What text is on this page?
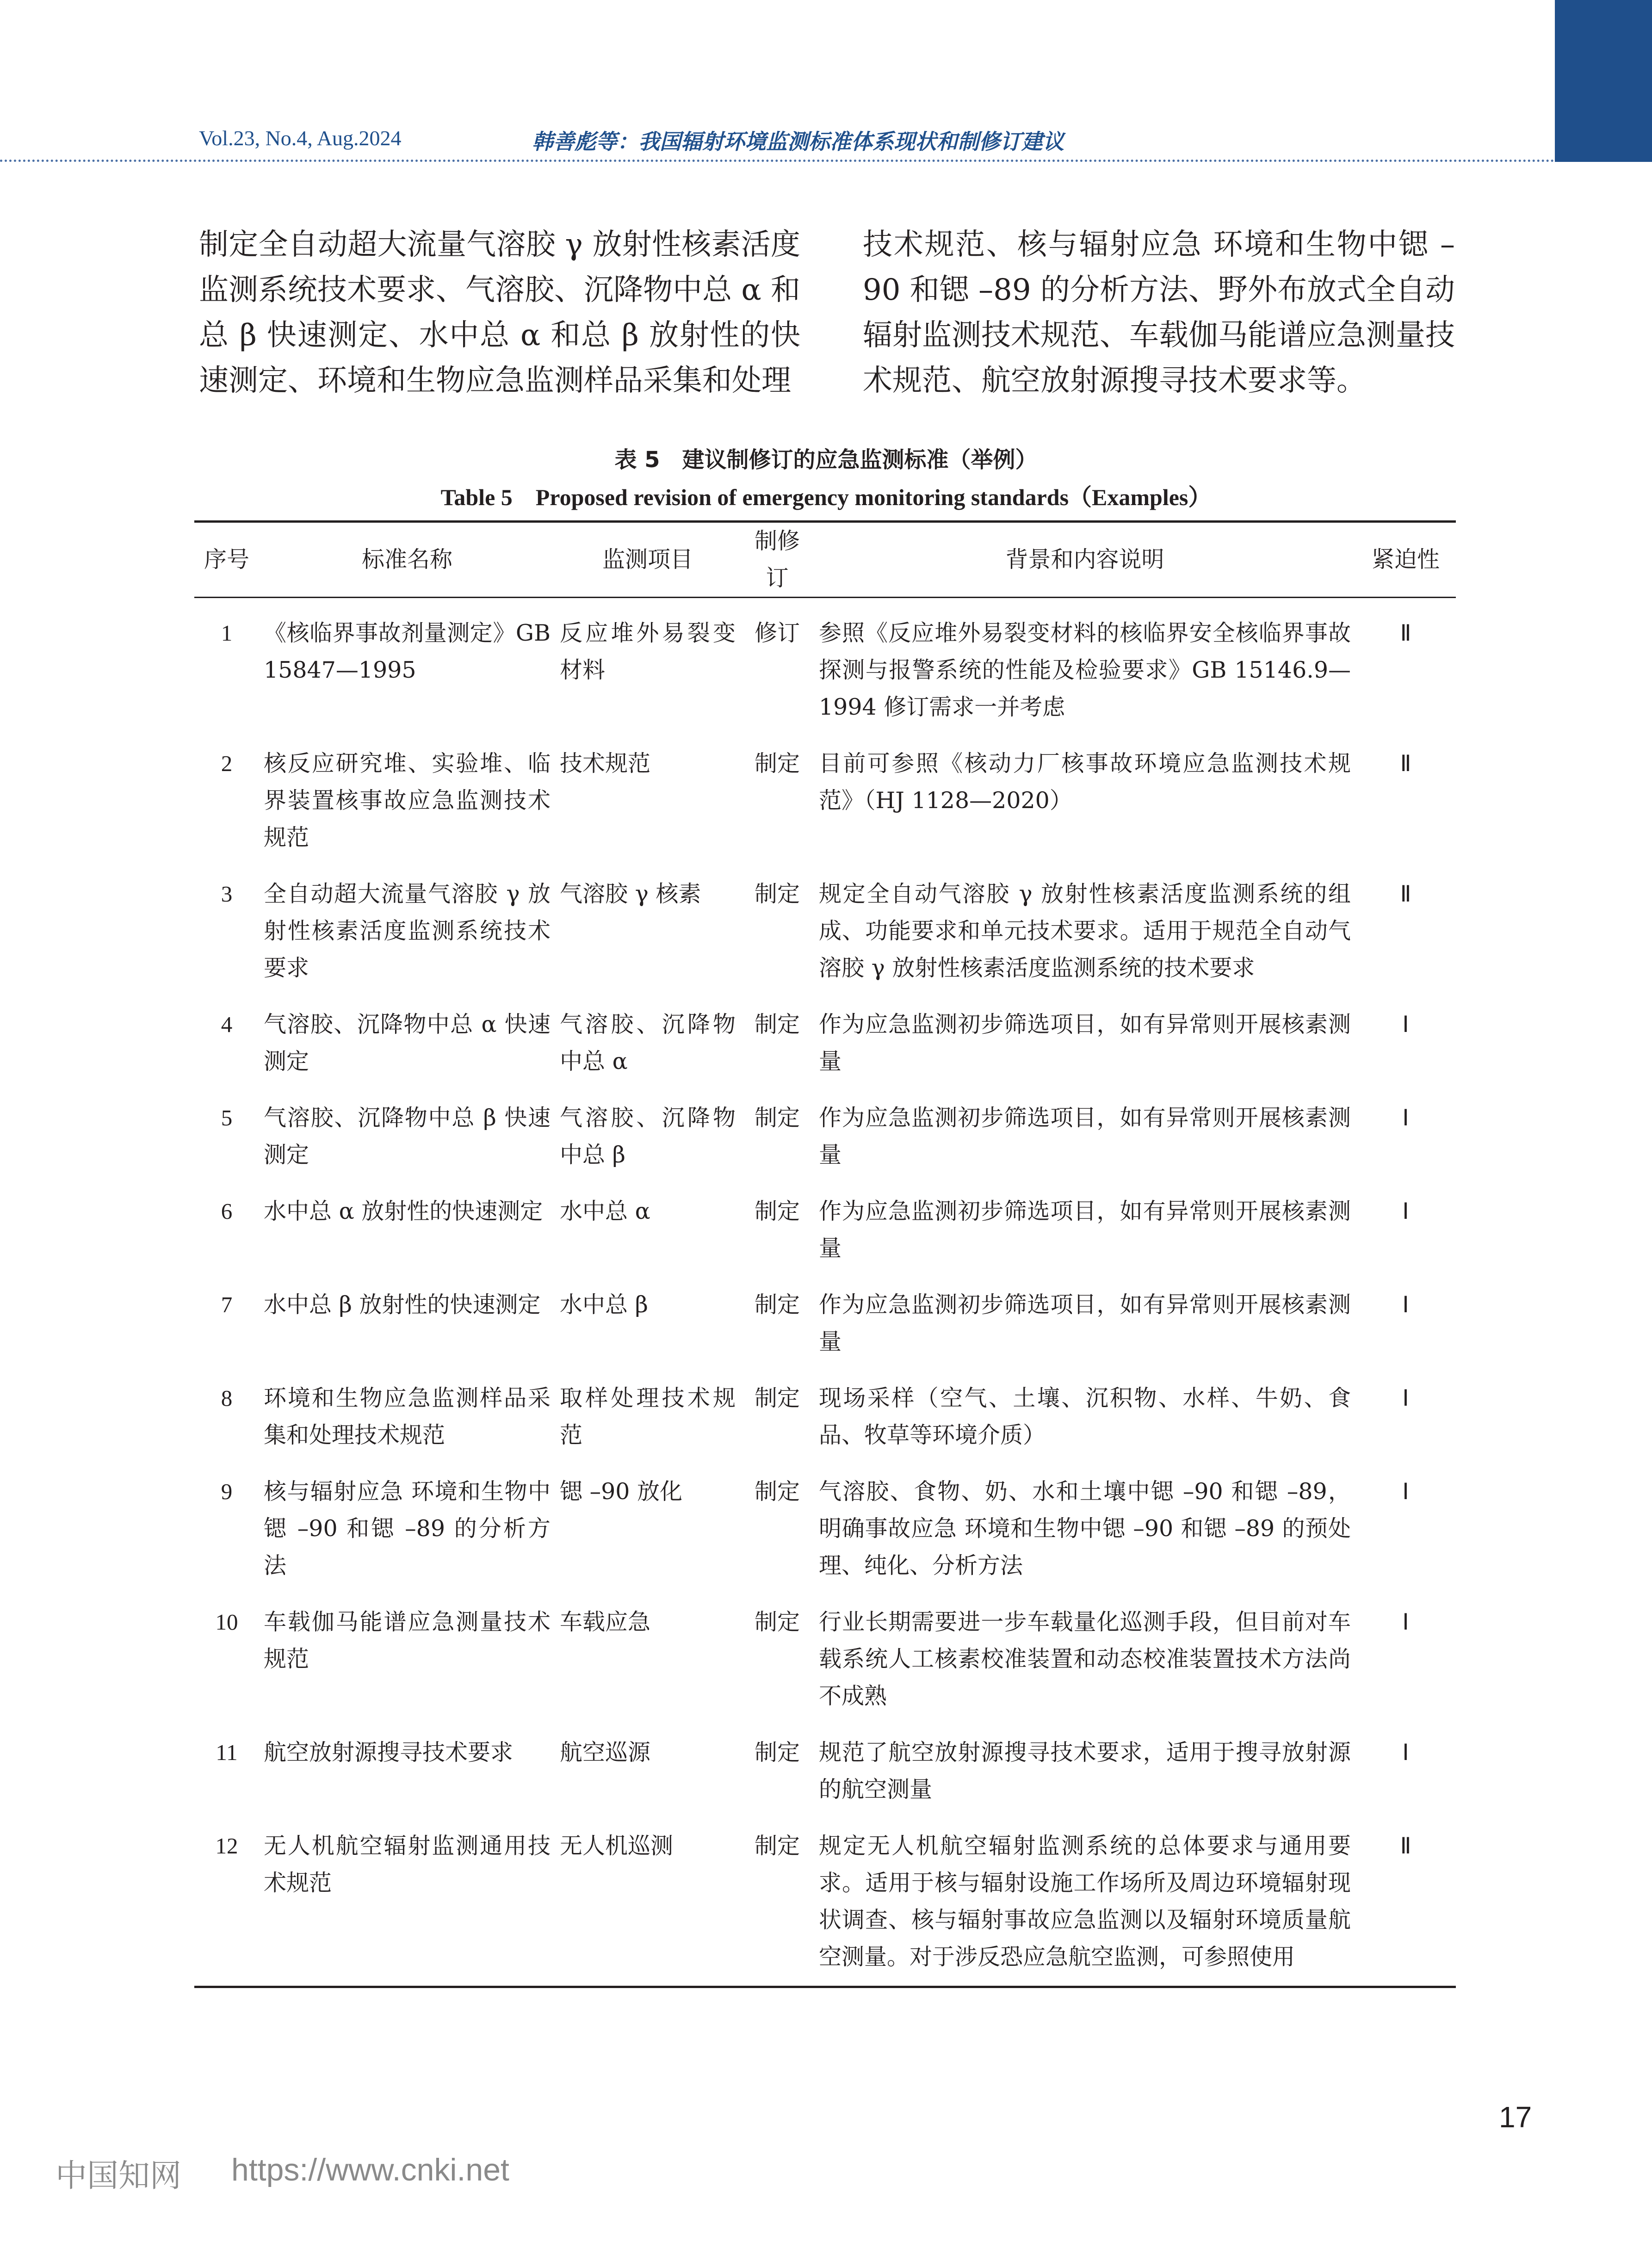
Vol.23, No.4, Aug.2024	韩善彪等：我国辐射环境监测标准体系现状和制修订建议
制定全自动超大流量气溶胶 γ 放射性核素活度监测系统技术要求、气溶胶、沉降物中总 α 和总 β 快速测定、水中总 α 和总 β 放射性的快速测定、环境和生物应急监测样品采集和处理
技术规范、核与辐射应急 环境和生物中锶 –90 和锶 –89 的分析方法、野外布放式全自动辐射监测技术规范、车载伽马能谱应急测量技术规范、航空放射源搜寻技术要求等。
表 5　建议制修订的应急监测标准（举例）
Table 5　Proposed revision of emergency monitoring standards（Examples）
序号	标准名称	监测项目	制修订	背景和内容说明	紧迫性
1	《核临界事故剂量测定》GB 15847—1995	反应堆外易裂变材料	修订	参照《反应堆外易裂变材料的核临界安全核临界事故探测与报警系统的性能及检验要求》GB 15146.9—1994 修订需求一并考虑	Ⅱ
2	核反应研究堆、实验堆、临界装置核事故应急监测技术规范	技术规范	制定	目前可参照《核动力厂核事故环境应急监测技术规范》（HJ 1128—2020）	Ⅱ
3	全自动超大流量气溶胶 γ 放射性核素活度监测系统技术要求	气溶胶 γ 核素	制定	规定全自动气溶胶 γ 放射性核素活度监测系统的组成、功能要求和单元技术要求。适用于规范全自动气溶胶 γ 放射性核素活度监测系统的技术要求	Ⅱ
4	气溶胶、沉降物中总 α 快速测定	气溶胶、沉降物中总 α	制定	作为应急监测初步筛选项目，如有异常则开展核素测量	Ⅰ
5	气溶胶、沉降物中总 β 快速测定	气溶胶、沉降物中总 β	制定	作为应急监测初步筛选项目，如有异常则开展核素测量	Ⅰ
6	水中总 α 放射性的快速测定	水中总 α	制定	作为应急监测初步筛选项目，如有异常则开展核素测量	Ⅰ
7	水中总 β 放射性的快速测定	水中总 β	制定	作为应急监测初步筛选项目，如有异常则开展核素测量	Ⅰ
8	环境和生物应急监测样品采集和处理技术规范	取样处理技术规范	制定	现场采样（空气、土壤、沉积物、水样、牛奶、食品、牧草等环境介质）	Ⅰ
9	核与辐射应急 环境和生物中锶 –90 和锶 –89 的分析方法	锶 –90 放化	制定	气溶胶、食物、奶、水和土壤中锶 –90 和锶 –89，明确事故应急 环境和生物中锶 –90 和锶 –89 的预处理、纯化、分析方法	Ⅰ
10	车载伽马能谱应急测量技术规范	车载应急	制定	行业长期需要进一步车载量化巡测手段，但目前对车载系统人工核素校准装置和动态校准装置技术方法尚不成熟	Ⅰ
11	航空放射源搜寻技术要求	航空巡源	制定	规范了航空放射源搜寻技术要求，适用于搜寻放射源的航空测量	Ⅰ
12	无人机航空辐射监测通用技术规范	无人机巡测	制定	规定无人机航空辐射监测系统的总体要求与通用要求。适用于核与辐射设施工作场所及周边环境辐射现状调查、核与辐射事故应急监测以及辐射环境质量航空测量。对于涉反恐应急航空监测，可参照使用	Ⅱ
17
中国知网 https://www.cnki.net
